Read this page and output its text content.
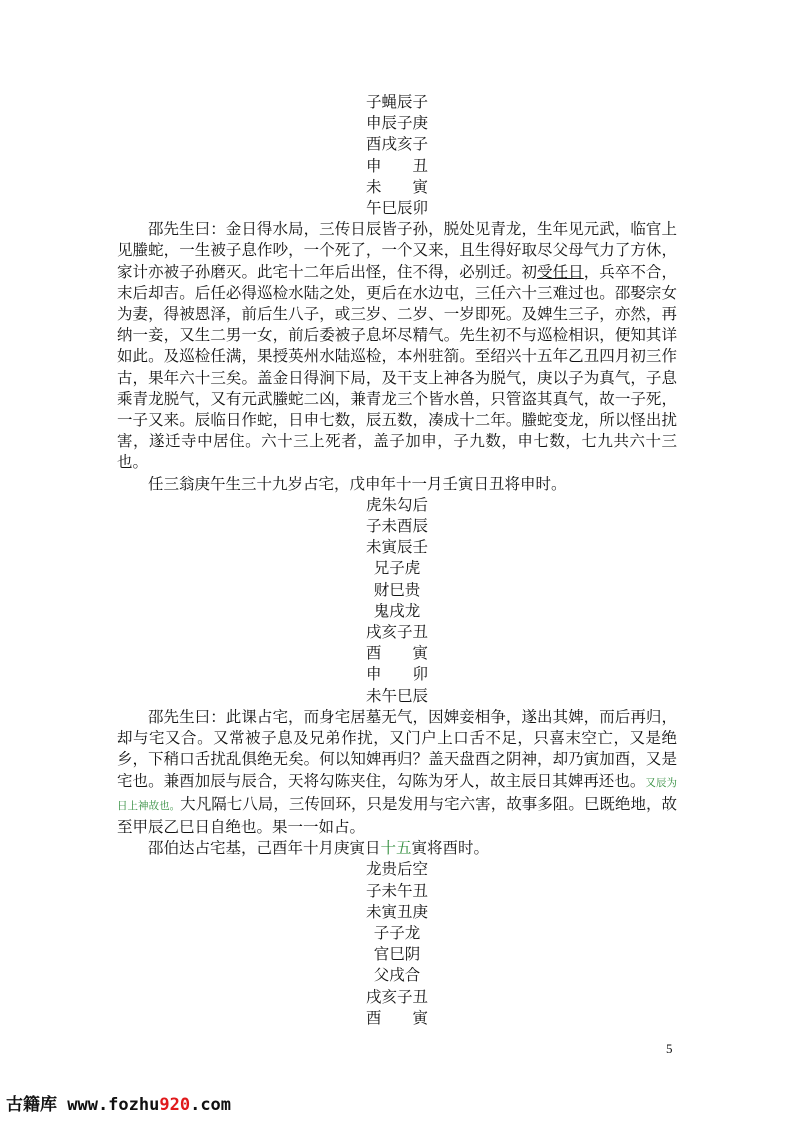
子蝇辰子

申辰子庚

酉戌亥子

申　　丑

未　　寅

午巳辰卯

邵先生曰：金日得水局，三传日辰皆子孙，脱处见青龙，生年见元武，临官上见螣蛇，一生被子息作吵，一个死了，一个又来，且生得好取尽父母气力了方休，家计亦被子孙磨灭。此宅十二年后出怪，住不得，必别迁。初受任日，兵卒不合，末后却吉。后任必得巡检水陆之处，更后在水边屯，三任六十三难过也。邵娶宗女为妻，得被恩泽，前后生八子，或三岁、二岁、一岁即死。及婢生三子，亦然，再纳一妾，又生二男一女，前后委被子息坏尽精气。先生初不与巡检相识，便知其详如此。及巡检任满，果授英州水陆巡检，本州驻箚。至绍兴十五年乙丑四月初三作古，果年六十三矣。盖金日得涧下局，及干支上神各为脱气，庚以子为真气，子息乘青龙脱气，又有元武螣蛇二凶，兼青龙三个皆水兽，只管盗其真气，故一子死，一子又来。辰临日作蛇，日申七数，辰五数，凑成十二年。螣蛇变龙，所以怪出扰害，遂迁寺中居住。六十三上死者，盖子加申，子九数，申七数，七九共六十三也。

任三翁庚午生三十九岁占宅，戊申年十一月壬寅日丑将申时。

虎朱勾后

子未酉辰

未寅辰壬

兄子虎

财巳贵

鬼戌龙

戌亥子丑

酉　　寅

申　　卯

未午巳辰

邵先生曰：此课占宅，而身宅居墓无气，因婢妾相争，遂出其婢，而后再归，却与宅又合。又常被子息及兄弟作扰，又门户上口舌不足，只喜末空亡，又是绝乡，下稍口舌扰乱俱绝无矣。何以知婢再归？盖天盘酉之阴神，却乃寅加酉，又是宅也。兼酉加辰与辰合，天将勾陈夹住，勾陈为牙人，故主辰日其婢再还也。又辰为日上神故也。大凡隔七八局，三传回环，只是发用与宅六害，故事多阻。巳既绝地，故至甲辰乙巳日自绝也。果一一如占。

邵伯达占宅基，己酉年十月庚寅日十五寅将酉时。

龙贵后空

子未午丑

未寅丑庚

子子龙

官巳阴

父戌合

戌亥子丑

酉　　寅

5
古籍库 www.fozhu920.com
